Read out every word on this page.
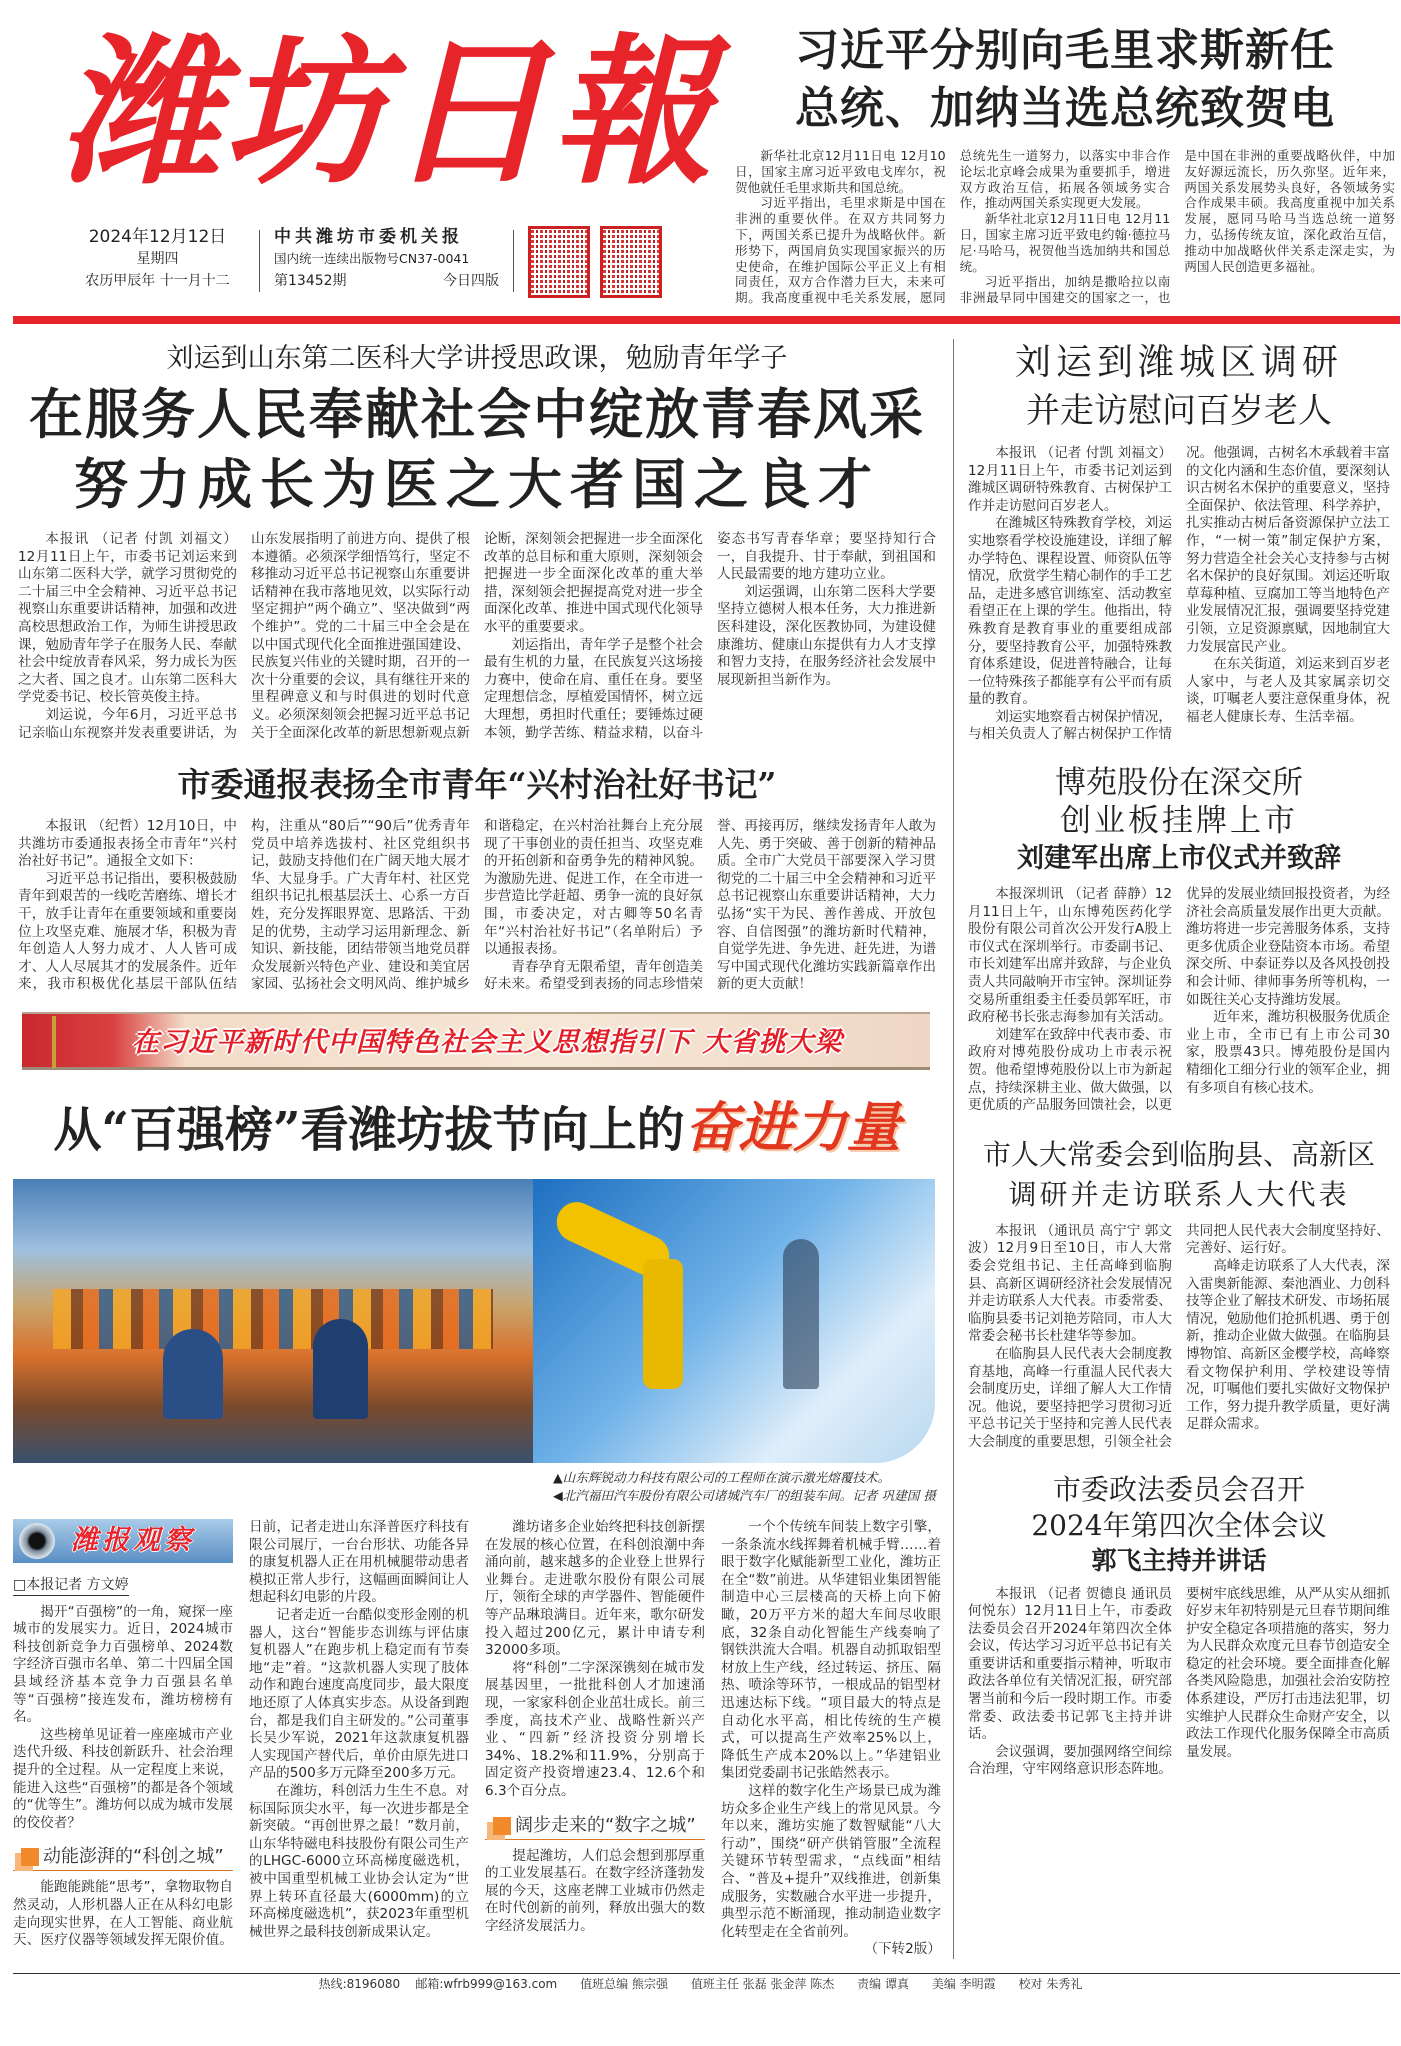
潍坊日報
2024年12月12日
星期四
农历甲辰年 十一月十二
中共潍坊市委机关报
国内统一连续出版物号CN37-0041
第13452期	今日四版
习近平分别向毛里求斯新任
总统、加纳当选总统致贺电

新华社北京12月11日电 12月10日，国家主席习近平致电戈库尔，祝贺他就任毛里求斯共和国总统。

习近平指出，毛里求斯是中国在非洲的重要伙伴。在双方共同努力下，两国关系已提升为战略伙伴。新形势下，两国肩负实现国家振兴的历史使命，在维护国际公平正义上有相同责任，双方合作潜力巨大，未来可期。我高度重视中毛关系发展，愿同总统先生一道努力，以落实中非合作论坛北京峰会成果为重要抓手，增进双方政治互信，拓展各领域务实合作，推动两国关系实现更大发展。

新华社北京12月11日电 12月11日，国家主席习近平致电约翰·德拉马尼·马哈马，祝贺他当选加纳共和国总统。

习近平指出，加纳是撒哈拉以南非洲最早同中国建交的国家之一，也是中国在非洲的重要战略伙伴，中加友好源远流长，历久弥坚。近年来，两国关系发展势头良好，各领域务实合作成果丰硕。我高度重视中加关系发展，愿同马哈马当选总统一道努力，弘扬传统友谊，深化政治互信，推动中加战略伙伴关系走深走实，为两国人民创造更多福祉。

刘运到山东第二医科大学讲授思政课，勉励青年学子
在服务人民奉献社会中绽放青春风采
努力成长为医之大者国之良才

本报讯 （记者 付凯 刘福文）12月11日上午，市委书记刘运来到山东第二医科大学，就学习贯彻党的二十届三中全会精神、习近平总书记视察山东重要讲话精神，加强和改进高校思想政治工作，为师生讲授思政课，勉励青年学子在服务人民、奉献社会中绽放青春风采，努力成长为医之大者、国之良才。山东第二医科大学党委书记、校长管英俊主持。

刘运说，今年6月，习近平总书记亲临山东视察并发表重要讲话，为山东发展指明了前进方向、提供了根本遵循。必须深学细悟笃行，坚定不移推动习近平总书记视察山东重要讲话精神在我市落地见效，以实际行动坚定拥护“两个确立”、坚决做到“两个维护”。党的二十届三中全会是在以中国式现代化全面推进强国建设、民族复兴伟业的关键时期，召开的一次十分重要的会议，具有继往开来的里程碑意义和与时俱进的划时代意义。必须深刻领会把握习近平总书记关于全面深化改革的新思想新观点新论断，深刻领会把握进一步全面深化改革的总目标和重大原则，深刻领会把握进一步全面深化改革的重大举措，深刻领会把握提高党对进一步全面深化改革、推进中国式现代化领导水平的重要要求。

刘运指出，青年学子是整个社会最有生机的力量，在民族复兴这场接力赛中，使命在肩、重任在身。要坚定理想信念，厚植爱国情怀，树立远大理想，勇担时代重任；要锤炼过硬本领，勤学苦练、精益求精，以奋斗姿态书写青春华章；要坚持知行合一，自我提升、甘于奉献，到祖国和人民最需要的地方建功立业。

刘运强调，山东第二医科大学要坚持立德树人根本任务，大力推进新医科建设，深化医教协同，为建设健康潍坊、健康山东提供有力人才支撑和智力支持，在服务经济社会发展中展现新担当新作为。

市委通报表扬全市青年“兴村治社好书记”

本报讯 （纪哲）12月10日，中共潍坊市委通报表扬全市青年“兴村治社好书记”。通报全文如下：

习近平总书记指出，要积极鼓励青年到艰苦的一线吃苦磨练、增长才干，放手让青年在重要领域和重要岗位上攻坚克难、施展才华，积极为青年创造人人努力成才、人人皆可成才、人人尽展其才的发展条件。近年来，我市积极优化基层干部队伍结构，注重从“80后”“90后”优秀青年党员中培养选拔村、社区党组织书记，鼓励支持他们在广阔天地大展才华、大显身手。广大青年村、社区党组织书记扎根基层沃土、心系一方百姓，充分发挥眼界宽、思路活、干劲足的优势，主动学习运用新理念、新知识、新技能，团结带领当地党员群众发展新兴特色产业、建设和美宜居家园、弘扬社会文明风尚、维护城乡和谐稳定，在兴村治社舞台上充分展现了干事创业的责任担当、攻坚克难的开拓创新和奋勇争先的精神风貌。为激励先进、促进工作，在全市进一步营造比学赶超、勇争一流的良好氛围，市委决定，对古卿等50名青年“兴村治社好书记”（名单附后）予以通报表扬。

青春孕育无限希望，青年创造美好未来。希望受到表扬的同志珍惜荣誉、再接再厉，继续发扬青年人敢为人先、勇于突破、善于创新的精神品质。全市广大党员干部要深入学习贯彻党的二十届三中全会精神和习近平总书记视察山东重要讲话精神，大力弘扬“实干为民、善作善成、开放包容、自信图强”的潍坊新时代精神，自觉学先进、争先进、赶先进，为谱写中国式现代化潍坊实践新篇章作出新的更大贡献！

在习近平新时代中国特色社会主义思想指引下 大省挑大梁
从“百强榜”看潍坊拔节向上的奋进力量
▲山东辉锐动力科技有限公司的工程师在演示激光熔覆技术。
◀北汽福田汽车股份有限公司诸城汽车厂的组装车间。记者 巩建国 摄
潍报观察

□本报记者 方文婷

揭开“百强榜”的一角，窥探一座城市的发展实力。近日，2024城市科技创新竞争力百强榜单、2024数字经济百强市名单、第二十四届全国县域经济基本竞争力百强县名单等“百强榜”接连发布，潍坊榜榜有名。

这些榜单见证着一座座城市产业迭代升级、科技创新跃升、社会治理提升的全过程。从一定程度上来说，能进入这些“百强榜”的都是各个领域的“优等生”。潍坊何以成为城市发展的佼佼者？

动能澎湃的“科创之城”

能跑能跳能“思考”，拿物取物自然灵动，人形机器人正在从科幻电影走向现实世界，在人工智能、商业航天、医疗仪器等领域发挥无限价值。日前，记者走进山东泽普医疗科技有限公司展厅，一台台形状、功能各异的康复机器人正在用机械腿带动患者模拟正常人步行，这幅画面瞬间让人想起科幻电影的片段。

记者走近一台酷似变形金刚的机器人，这台“智能步态训练与评估康复机器人”在跑步机上稳定而有节奏地“走”着。“这款机器人实现了肢体动作和跑台速度高度同步，最大限度地还原了人体真实步态。从设备到跑台，都是我们自主研发的。”公司董事长吴少军说，2021年这款康复机器人实现国产替代后，单价由原先进口产品的500多万元降至200多万元。

在潍坊，科创活力生生不息。对标国际顶尖水平，每一次进步都是全新突破。“再创世界之最！”数月前，山东华特磁电科技股份有限公司生产的LHGC-6000立环高梯度磁选机，被中国重型机械工业协会认定为“世界上转环直径最大(6000mm)的立环高梯度磁选机”，获2023年重型机械世界之最科技创新成果认定。

潍坊诸多企业始终把科技创新摆在发展的核心位置，在科创浪潮中奔涌向前，越来越多的企业登上世界行业舞台。走进歌尔股份有限公司展厅，领衔全球的声学器件、智能硬件等产品琳琅满目。近年来，歌尔研发投入超过200亿元，累计申请专利32000多项。

将“科创”二字深深镌刻在城市发展基因里，一批批科创人才加速涌现，一家家科创企业茁壮成长。前三季度，高技术产业、战略性新兴产业、“四新”经济投资分别增长34%、18.2%和11.9%，分别高于固定资产投资增速23.4、12.6个和6.3个百分点。

阔步走来的“数字之城”

提起潍坊，人们总会想到那厚重的工业发展基石。在数字经济蓬勃发展的今天，这座老牌工业城市仍然走在时代创新的前列，释放出强大的数字经济发展活力。

一个个传统车间装上数字引擎，一条条流水线挥舞着机械手臂……着眼于数字化赋能新型工业化，潍坊正在全“数”前进。从华建铝业集团智能制造中心三层楼高的天桥上向下俯瞰，20万平方米的超大车间尽收眼底，32条自动化智能生产线奏响了钢铁洪流大合唱。机器自动抓取铝型材放上生产线，经过转运、挤压、隔热、喷涂等环节，一根成品的铝型材迅速达标下线。“项目最大的特点是自动化水平高，相比传统的生产模式，可以提高生产效率25%以上，降低生产成本20%以上。”华建铝业集团党委副书记张皓然表示。

这样的数字化生产场景已成为潍坊众多企业生产线上的常见风景。今年以来，潍坊实施了数智赋能“八大行动”，围绕“研产供销管服”全流程关键环节转型需求，“点线面”相结合、“普及+提升”双线推进，创新集成服务，实数融合水平进一步提升，典型示范不断涌现，推动制造业数字化转型走在全省前列。

（下转2版）

刘运到潍城区调研
并走访慰问百岁老人

本报讯 （记者 付凯 刘福文）12月11日上午，市委书记刘运到潍城区调研特殊教育、古树保护工作并走访慰问百岁老人。

在潍城区特殊教育学校，刘运实地察看学校设施建设，详细了解办学特色、课程设置、师资队伍等情况，欣赏学生精心制作的手工艺品，走进多感官训练室、活动教室看望正在上课的学生。他指出，特殊教育是教育事业的重要组成部分，要坚持教育公平，加强特殊教育体系建设，促进普特融合，让每一位特殊孩子都能享有公平而有质量的教育。

刘运实地察看古树保护情况，与相关负责人了解古树保护工作情况。他强调，古树名木承载着丰富的文化内涵和生态价值，要深刻认识古树名木保护的重要意义，坚持全面保护、依法管理、科学养护，扎实推动古树后备资源保护立法工作，“一树一策”制定保护方案，努力营造全社会关心支持参与古树名木保护的良好氛围。刘运还听取草莓种植、豆腐加工等当地特色产业发展情况汇报，强调要坚持党建引领，立足资源禀赋，因地制宜大力发展富民产业。

在东关街道，刘运来到百岁老人家中，与老人及其家属亲切交谈，叮嘱老人要注意保重身体，祝福老人健康长寿、生活幸福。

博苑股份在深交所
创业板挂牌上市
刘建军出席上市仪式并致辞

本报深圳讯 （记者 薛静）12月11日上午，山东博苑医药化学股份有限公司首次公开发行A股上市仪式在深圳举行。市委副书记、市长刘建军出席并致辞，与企业负责人共同敲响开市宝钟。深圳证券交易所重组委主任委员郭军旺，市政府秘书长张志海参加有关活动。

刘建军在致辞中代表市委、市政府对博苑股份成功上市表示祝贺。他希望博苑股份以上市为新起点，持续深耕主业、做大做强，以更优质的产品服务回馈社会，以更优异的发展业绩回报投资者，为经济社会高质量发展作出更大贡献。潍坊将进一步完善服务体系，支持更多优质企业登陆资本市场。希望深交所、中泰证券以及各风投创投和会计师、律师事务所等机构，一如既往关心支持潍坊发展。

近年来，潍坊积极服务优质企业上市，全市已有上市公司30家，股票43只。博苑股份是国内精细化工细分行业的领军企业，拥有多项自有核心技术。

市人大常委会到临朐县、高新区
调研并走访联系人大代表

本报讯 （通讯员 高宁宁 郭文波）12月9日至10日，市人大常委会党组书记、主任高峰到临朐县、高新区调研经济社会发展情况并走访联系人大代表。市委常委、临朐县委书记刘艳芳陪同，市人大常委会秘书长杜建华等参加。

在临朐县人民代表大会制度教育基地，高峰一行重温人民代表大会制度历史，详细了解人大工作情况。他说，要坚持把学习贯彻习近平总书记关于坚持和完善人民代表大会制度的重要思想，引领全社会共同把人民代表大会制度坚持好、完善好、运行好。

高峰走访联系了人大代表，深入雷奥新能源、秦池酒业、力创科技等企业了解技术研发、市场拓展情况，勉励他们抢抓机遇、勇于创新，推动企业做大做强。在临朐县博物馆、高新区金樱学校，高峰察看文物保护利用、学校建设等情况，叮嘱他们要扎实做好文物保护工作，努力提升教学质量，更好满足群众需求。

市委政法委员会召开
2024年第四次全体会议
郭飞主持并讲话

本报讯 （记者 贺德良 通讯员 何悦东）12月11日上午，市委政法委员会召开2024年第四次全体会议，传达学习习近平总书记有关重要讲话和重要指示精神，听取市政法各单位有关情况汇报，研究部署当前和今后一段时期工作。市委常委、政法委书记郭飞主持并讲话。

会议强调，要加强网络空间综合治理，守牢网络意识形态阵地。要树牢底线思维，从严从实从细抓好岁末年初特别是元旦春节期间维护安全稳定各项措施的落实，努力为人民群众欢度元旦春节创造安全稳定的社会环境。要全面排查化解各类风险隐患，加强社会治安防控体系建设，严厉打击违法犯罪，切实维护人民群众生命财产安全，以政法工作现代化服务保障全市高质量发展。

热线:8196080    邮箱:wfrb999@163.com      值班总编 熊宗强      值班主任 张磊 张金萍 陈杰      责编 谭真      美编 李明霞      校对 朱秀礼
